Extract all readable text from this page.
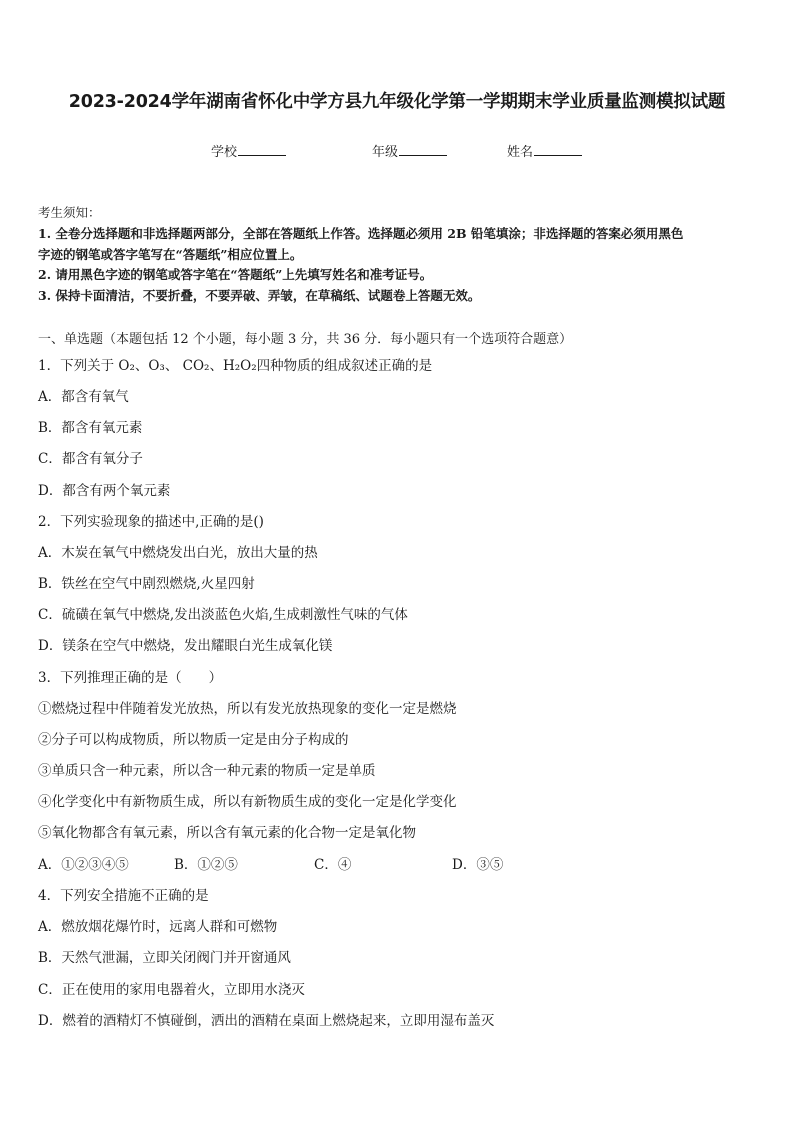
2023-2024学年湖南省怀化中学方县九年级化学第一学期期末学业质量监测模拟试题
学校	年级	姓名
考生须知：
1. 全卷分选择题和非选择题两部分，全部在答题纸上作答。选择题必须用 2B 铅笔填涂；非选择题的答案必须用黑色
字迹的钢笔或答字笔写在“答题纸”相应位置上。
2. 请用黑色字迹的钢笔或答字笔在“答题纸”上先填写姓名和准考证号。
3. 保持卡面清洁，不要折叠，不要弄破、弄皱，在草稿纸、试题卷上答题无效。
一、单选题（本题包括 12 个小题，每小题 3 分，共 36 分．每小题只有一个选项符合题意）
1．下列关于 O₂、O₃、 CO₂、H₂O₂四种物质的组成叙述正确的是
A．都含有氧气
B．都含有氧元素
C．都含有氧分子
D．都含有两个氧元素
2．下列实验现象的描述中,正确的是()
A．木炭在氧气中燃烧发出白光，放出大量的热
B．铁丝在空气中剧烈燃烧,火星四射
C．硫磺在氧气中燃烧,发出淡蓝色火焰,生成刺激性气味的气体
D．镁条在空气中燃烧，发出耀眼白光生成氧化镁
3．下列推理正确的是（　　）
①燃烧过程中伴随着发光放热，所以有发光放热现象的变化一定是燃烧
②分子可以构成物质，所以物质一定是由分子构成的
③单质只含一种元素，所以含一种元素的物质一定是单质
④化学变化中有新物质生成，所以有新物质生成的变化一定是化学变化
⑤氧化物都含有氧元素，所以含有氧元素的化合物一定是氧化物
A．①②③④⑤	B．①②⑤	C．④	D．③⑤
4．下列安全措施不正确的是
A．燃放烟花爆竹时，远离人群和可燃物
B．天然气泄漏，立即关闭阀门并开窗通风
C．正在使用的家用电器着火，立即用水浇灭
D．燃着的酒精灯不慎碰倒，洒出的酒精在桌面上燃烧起来，立即用湿布盖灭
